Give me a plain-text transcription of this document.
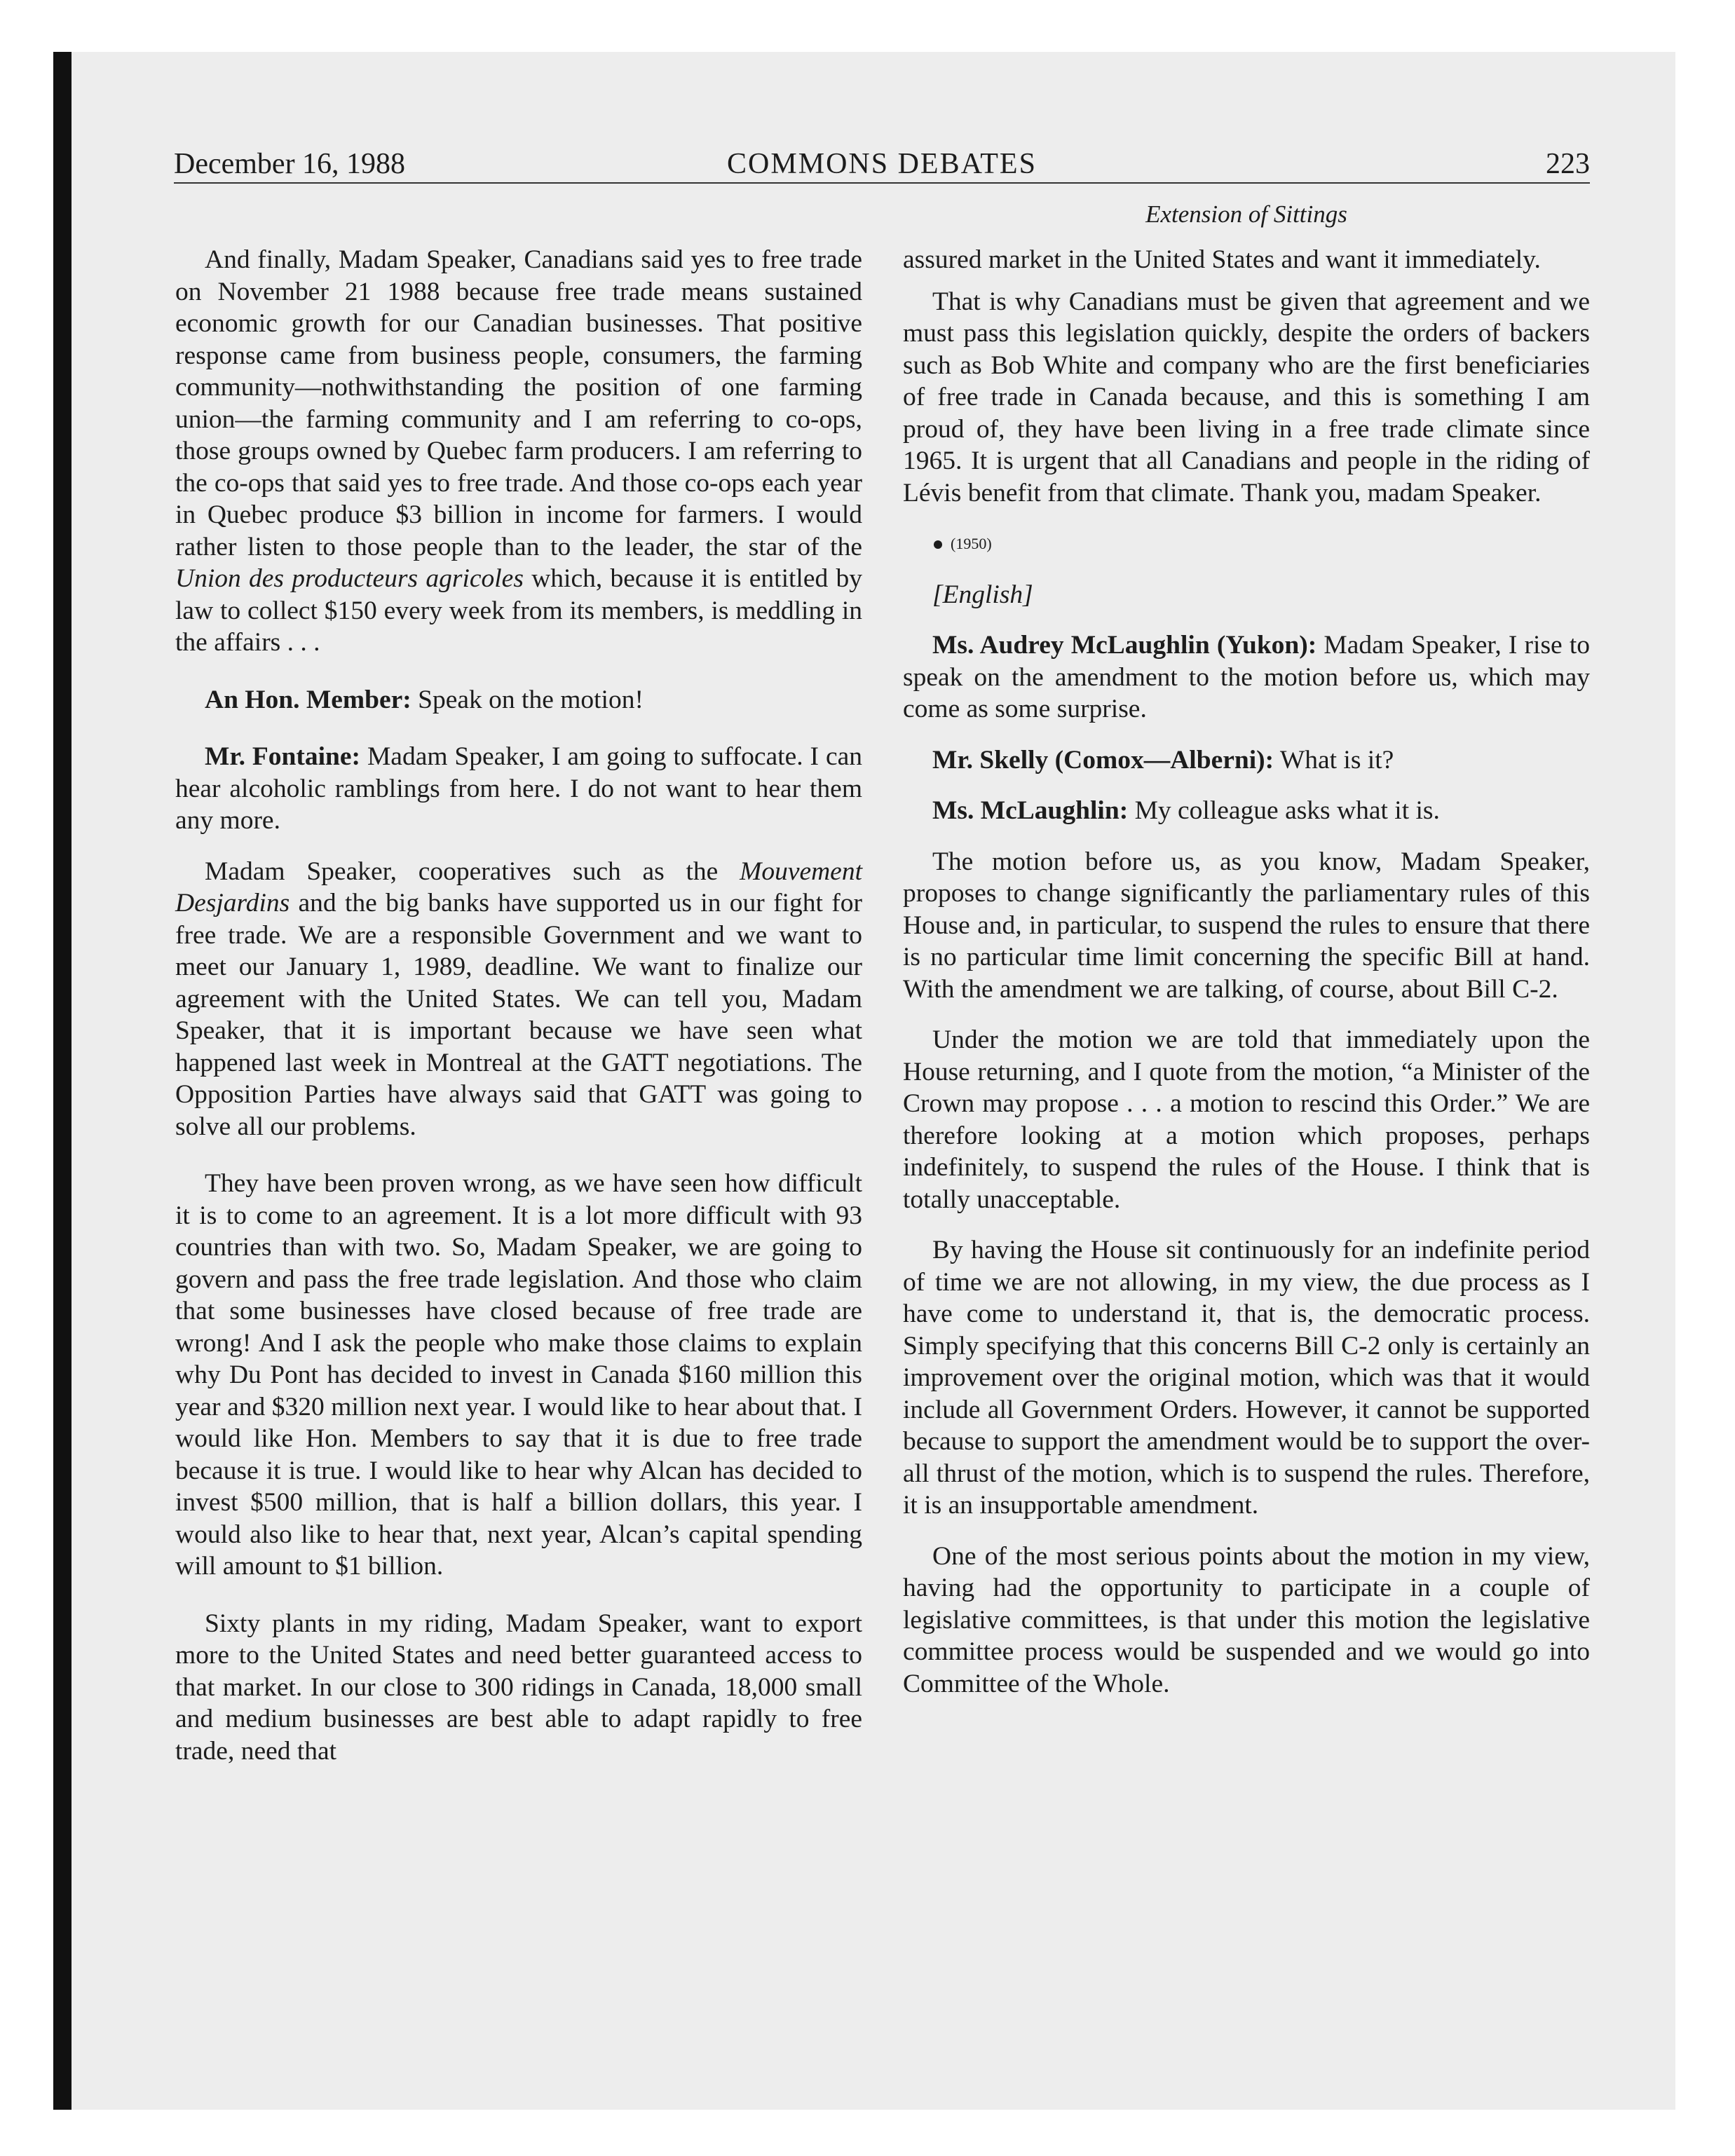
December 16, 1988	COMMONS DEBATES	223
Extension of Sittings

And finally, Madam Speaker, Canadians said yes to free trade on November 21 1988 because free trade means sustained economic growth for our Canadian businesses. That positive response came from business people, consumers, the farming community—nothwithstanding the position of one farming union—the farming community and I am referring to co-ops, those groups owned by Quebec farm producers. I am referring to the co-ops that said yes to free trade. And those co-ops each year in Quebec produce $3 billion in income for farmers. I would rather listen to those people than to the leader, the star of the Union des producteurs agricoles which, because it is entitled by law to collect $150 every week from its members, is meddling in the affairs . . .

An Hon. Member: Speak on the motion!

Mr. Fontaine: Madam Speaker, I am going to suffocate. I can hear alcoholic ramblings from here. I do not want to hear them any more.

Madam Speaker, cooperatives such as the Mouvement Desjardins and the big banks have supported us in our fight for free trade. We are a responsible Government and we want to meet our January 1, 1989, deadline. We want to finalize our agreement with the United States. We can tell you, Madam Speaker, that it is important because we have seen what happened last week in Montreal at the GATT negotiations. The Opposition Parties have always said that GATT was going to solve all our problems.

They have been proven wrong, as we have seen how difficult it is to come to an agreement. It is a lot more difficult with 93 countries than with two. So, Madam Speaker, we are going to govern and pass the free trade legislation. And those who claim that some businesses have closed because of free trade are wrong! And I ask the people who make those claims to explain why Du Pont has decided to invest in Canada $160 million this year and $320 million next year. I would like to hear about that. I would like Hon. Members to say that it is due to free trade because it is true. I would like to hear why Alcan has decided to invest $500 million, that is half a billion dollars, this year. I would also like to hear that, next year, Alcan’s capital spending will amount to $1 billion.

Sixty plants in my riding, Madam Speaker, want to export more to the United States and need better guaranteed access to that market. In our close to 300 ridings in Canada, 18,000 small and medium businesses are best able to adapt rapidly to free trade, need that

assured market in the United States and want it immediately.

That is why Canadians must be given that agreement and we must pass this legislation quickly, despite the orders of backers such as Bob White and company who are the first beneficiaries of free trade in Canada because, and this is something I am proud of, they have been living in a free trade climate since 1965. It is urgent that all Canadians and people in the riding of Lévis benefit from that climate. Thank you, madam Speaker.

(1950)

[English]

Ms. Audrey McLaughlin (Yukon): Madam Speaker, I rise to speak on the amendment to the motion before us, which may come as some surprise.

Mr. Skelly (Comox—Alberni): What is it?

Ms. McLaughlin: My colleague asks what it is.

The motion before us, as you know, Madam Speaker, proposes to change significantly the parliamentary rules of this House and, in particular, to suspend the rules to ensure that there is no particular time limit concerning the specific Bill at hand. With the amendment we are talking, of course, about Bill C-2.

Under the motion we are told that immediately upon the House returning, and I quote from the motion, “a Minister of the Crown may propose . . . a motion to rescind this Order.” We are therefore looking at a motion which proposes, perhaps indefinitely, to suspend the rules of the House. I think that is totally unacceptable.

By having the House sit continuously for an indefinite period of time we are not allowing, in my view, the due process as I have come to understand it, that is, the democratic process. Simply specifying that this concerns Bill C-2 only is certainly an improvement over the original motion, which was that it would include all Government Orders. However, it cannot be supported because to support the amendment would be to support the over-all thrust of the motion, which is to suspend the rules. Therefore, it is an insupportable amendment.

One of the most serious points about the motion in my view, having had the opportunity to participate in a couple of legislative committees, is that under this motion the legislative committee process would be suspended and we would go into Committee of the Whole.
